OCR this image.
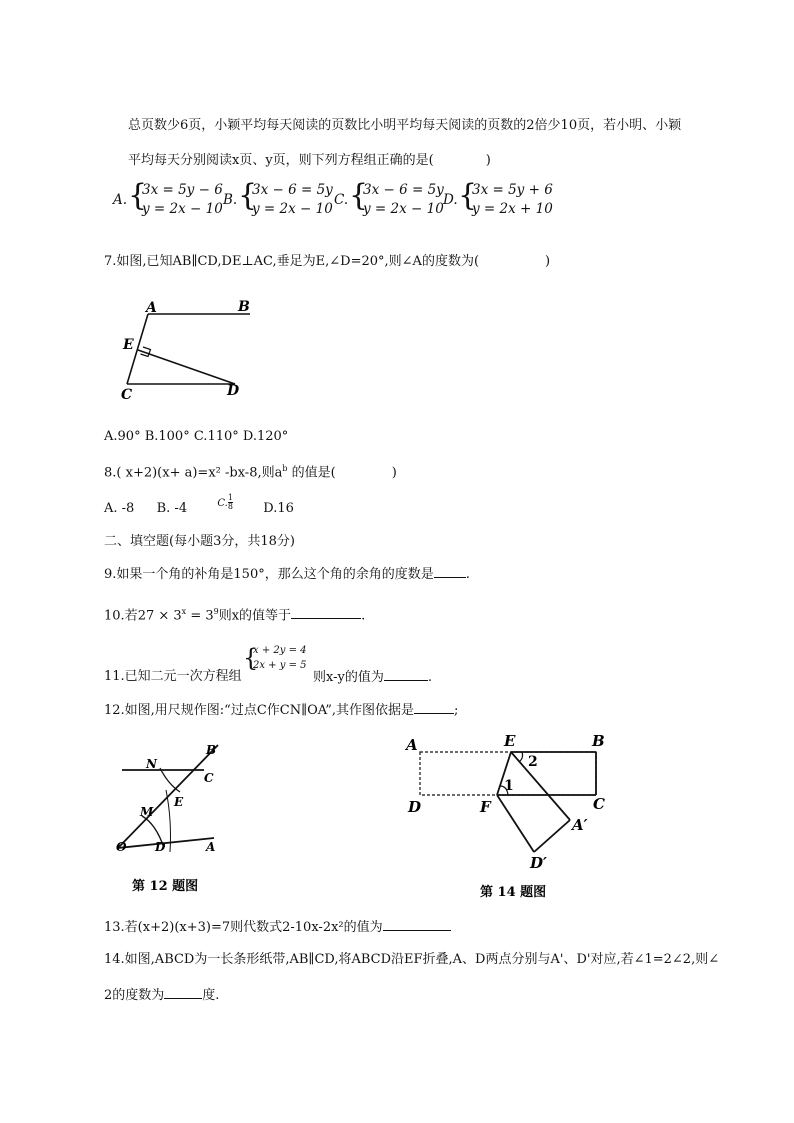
总页数少6页，小颖平均每天阅读的页数比小明平均每天阅读的页数的2倍少10页，若小明、小颖
平均每天分别阅读x页、y页，则下列方程组正确的是(	)
A. {
3x = 5y − 6
y = 2x − 10
B. {
3x − 6 = 5y
y = 2x − 10
C. {
3x − 6 = 5y
y = 2x − 10
D. {
3x = 5y + 6
y = 2x + 10
7.如图,已知AB∥CD,DE⊥AC,垂足为E,∠D=20°,则∠A的度数为(	)
A	B
E
C	D
A.90° B.100° C.110° D.120°
8.( x+2)(x+ a)=x² -bx-8,则$a^b$ 的值是(	)
A. -8 B. -4	$^{C.} \frac{1}{8} D.16$
二、填空题(每小题3分，共18分)
9.如果一个角的补角是150°，那么这个角的余角的度数是 .
10.若$27 \times 3^x = 3^9$则x的值等于	.
11.已知二元一次方程组
{
x + 2y = 4
2x + y = 5
则x-y的值为	.
12.如图,用尺规作图:“过点C作CN∥OA”,其作图依据是	;
B
N
C
E
M
O D	A
第 12 题图
A	E	B
2
1
D	F	C
A′
D′
第 14 题图
13.若(x+2)(x+3)=7则代数式2-10x-2x²的值为
14.如图,ABCD为一长条形纸带,AB∥CD,将ABCD沿EF折叠,A、D两点分别与A'、D'对应,若∠1=2∠2,则∠
2的度数为	度.
